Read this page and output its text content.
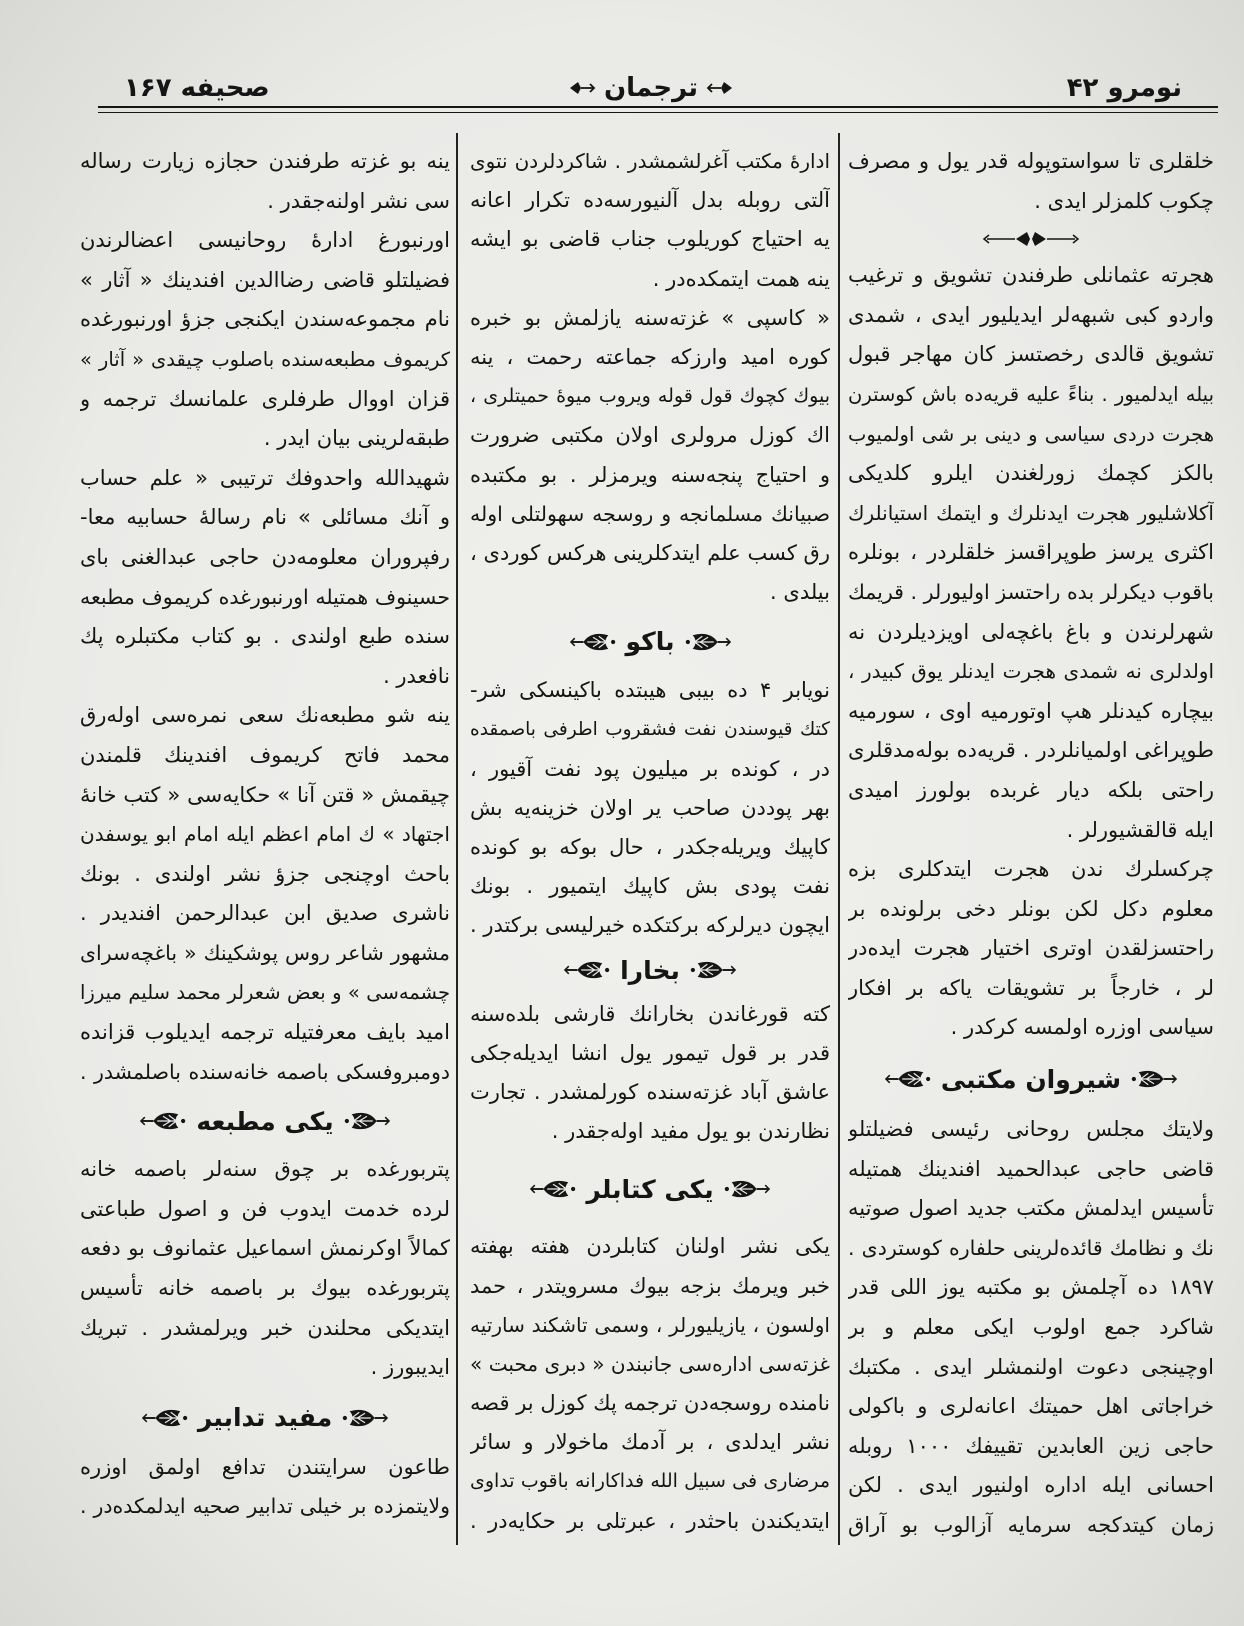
نومرو ۴۲
ترجمان
صحیفه ۱۶۷
خلقلری تا سواستوپوله قدر یول و مصرف
چكوب كلمزلر ایدی .
هجرته عثمانلی طرفندن تشویق و ترغیب
واردو كبی شبهه‌لر ایدیلیور ایدی ، شمدی
تشویق قالدی رخصتسز كان مهاجر قبول
بیله ایدلمیور . بناءً علیه قریه‌ده باش كوسترن
هجرت دردی سیاسی و دینی بر شی اولمیوب
بالكز كچمك زورلغندن ایلرو كلدیكی
آكلاشلیور هجرت ایدنلرك و ایتمك استیانلرك
اكثری یرسز طوپراقسز خلقلردر ، بونلره
باقوب دیكرلر بده راحتسز اولیورلر . قریمك
شهرلرندن و باغ باغچه‌لی اویزدیلردن نه
اولدلری نه شمدی هجرت ایدنلر یوق كبیدر ،
بیچاره كیدنلر هپ اوتورمیه اوی ، سورمیه
طوپراغی اولمیانلردر . قریه‌ده بوله‌مدقلری
راحتی بلكه دیار غربده بولورز امیدی
ایله قالقشیورلر .
چركسلرك ندن هجرت ایتدكلری بزه
معلوم دكل لكن بونلر دخی برلونده بر
راحتسزلقدن اوتری اختیار هجرت ایده‌در
لر ، خارجاً بر تشویقات یاكه بر افكار
سیاسی اوزره اولمسه كركدر .
شیروان مكتبی
ولایتك مجلس روحانی رئیسی فضیلتلو
قاضی حاجی عبدالحمید افندینك همتیله
تأسیس ایدلمش مكتب جدید اصول صوتیه
نك و نظامك قائده‌لرینی حلفاره كوستردی .
۱۸۹۷ ده آچلمش بو مكتبه یوز اللی قدر
شاكرد جمع اولوب ایكی معلم و بر
اوچینجی دعوت اولنمشلر ایدی . مكتبك
خراجاتی اهل حمیتك اعانه‌لری و باكولی
حاجی زین العابدین تقییفك ۱۰۰۰ روبله
احسانی ایله اداره اولنیور ایدی . لكن
زمان كیتدكجه سرمایه آزالوب بو آراق
اداره‌ٔ مكتب آغرلشمشدر . شاكردلردن نتوی
آلتی روبله بدل آلنیورسه‌ده تكرار اعانه
یه احتیاج كوریلوب جناب قاضی بو ایشه
ینه همت ایتمكده‌در .
« كاسپی » غزته‌سنه یازلمش بو خبره
كوره امید وارزكه جماعته رحمت ، ینه
بیوك كچوك قول قوله ویروب میوهٔ حمیتلری ،
اك كوزل مرولری اولان مكتبی ضرورت
و احتیاج پنجه‌سنه ویرمزلر . بو مكتبده
صبیانك مسلمانجه و روسجه سهولتلی اوله
رق كسب علم ایتدكلرینی هركس كوردی ،
بیلدی .
باكو
نویابر ۴ ده بیبی هیبتده باكینسكی شر-
كتك قیوسندن نفت فشقروب اطرفی باصمقده
در ، كونده بر میلیون پود نفت آقیور ،
بهر پوددن صاحب یر اولان خزینه‌یه بش
كاپیك ویریله‌جكدر ، حال بوكه بو كونده
نفت پودی بش كاپیك ایتمیور . بونك
ایچون دیرلركه بركتكده خیرلیسی بركتدر .
بخارا
كته قورغاندن بخارانك قارشی بلده‌سنه
قدر بر قول تیمور یول انشا ایدیله‌جكی
عاشق آباد غزته‌سنده كورلمشدر . تجارت
نظارندن بو یول مفید اوله‌جقدر .
یكی كتابلر
یكی نشر اولنان كتابلردن هفته بهفته
خبر ویرمك بزجه بیوك مسرویتدر ، حمد
اولسون ، یازیلیورلر ، وسمی تاشكند سارتیه
غزته‌سی اداره‌سی جانبندن « دبری محبت »
نامنده روسجه‌دن ترجمه پك كوزل بر قصه
نشر ایدلدی ، بر آدمك ماخولار و سائر
مرضاری فی سبیل الله فداكارانه باقوب تداوی
ایتدیكندن باحثدر ، عبرتلی بر حكایه‌در .
ینه بو غزته طرفندن حجازه زیارت رساله
سی نشر اولنه‌جقدر .
اورنبورغ اداره‌ٔ روحانیسی اعضالرندن
فضیلتلو قاضی رضاالدین افندینك « آثار »
نام مجموعه‌سندن ایكنجی جزؤ اورنبورغده
كریموف مطبعه‌سنده باصلوب چیقدی « آثار »
قزان اووال طرفلری علمانسك ترجمه و
طبقه‌لرینی بیان ایدر .
شهیدالله واحدوفك ترتیبی « علم حساب
و آنك مسائلی » نام رسالهٔ حسابیه معا-
رفپروران معلومه‌دن حاجی عبدالغنی بای
حسینوف همتیله اورنبورغده كریموف مطبعه
سنده طبع اولندی . بو كتاب مكتبلره پك
نافعدر .
ینه شو مطبعه‌نك سعی نمره‌سی اوله‌رق
محمد فاتح كریموف افندینك قلمندن
چیقمش « قتن آنا » حكایه‌سی « كتب خانهٔ
اجتهاد » ك امام اعظم ایله امام ابو یوسفدن
باحث اوچنجی جزؤ نشر اولندی . بونك
ناشری صدیق ابن عبدالرحمن افندیدر .
مشهور شاعر روس پوشكینك « باغچه‌سرای
چشمه‌سی » و بعض شعرلر محمد سلیم میرزا
امید بایف معرفتیله ترجمه ایدیلوب قزانده
دومبروفسكی باصمه خانه‌سنده باصلمشدر .
یكی مطبعه
پتربورغده بر چوق سنه‌لر باصمه خانه
لرده خدمت ایدوب فن و اصول طباعتی
كمالاً اوكرنمش اسماعیل عثمانوف بو دفعه
پتربورغده بیوك بر باصمه خانه تأسیس
ایتدیكی محلندن خبر ویرلمشدر . تبریك
ایدیبورز .
مفید تدابیر
طاعون سرایتندن تدافع اولمق اوزره
ولایتمزده بر خیلی تدابیر صحیه ایدلمكده‌در .
